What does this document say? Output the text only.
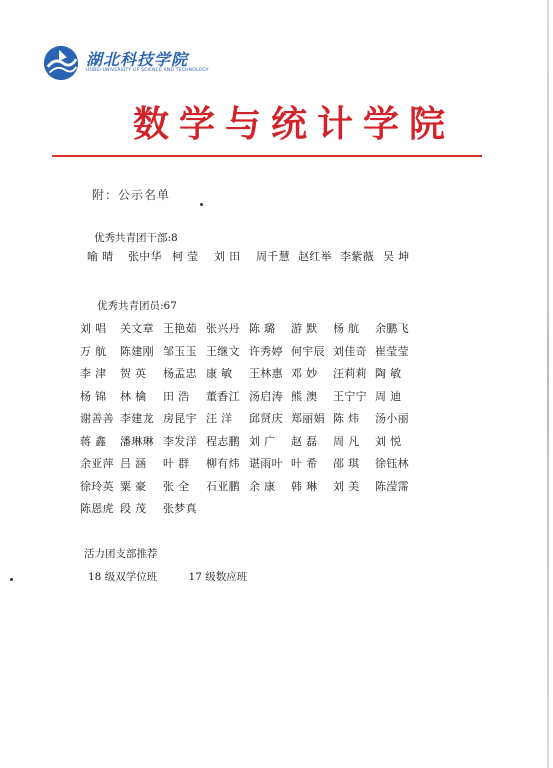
湖北科技学院
HUBEI UNIVERSITY OF SCIENCE AND TECHNOLOGY
数学与统计学院
附：公示名单
优秀共青团干部:8
喻 晴 张中华 柯 莹 刘 田 周千慧 赵红举 李紫薇 吴 坤
优秀共青团员:67
刘 唱 关文章 王艳茹 张兴丹 陈 璐 游 默 杨 航 余鹏飞
万 航 陈建刚 邹玉玉 王继文 许秀婷 何宇辰 刘佳奇 崔莹莹
李 津 贺 英 杨孟忠 康 敏 王林惠 邓 妙 汪莉莉 陶 敏
杨 锦 林 檎 田 浩 董香江 汤启涛 熊 澳 王宁宁 周 迪
谢善善 李建龙 房昆宇 汪 洋 邱贤庆 郑丽娟 陈 炜 汤小丽
蒋 鑫 潘琳琳 李发洋 程志鹏 刘 广 赵 磊 周 凡 刘 悦
余亚萍 吕 涵 叶 群 柳有炜 谌雨叶 叶 希 邵 琪 徐钰林
徐玲英 粟 豪 张 全 石亚鹏 余 康 韩 琳 刘 美 陈滢霈
陈恩虎 段 茂 张梦真
活力团支部推荐
18 级双学位班	17 级数应班
